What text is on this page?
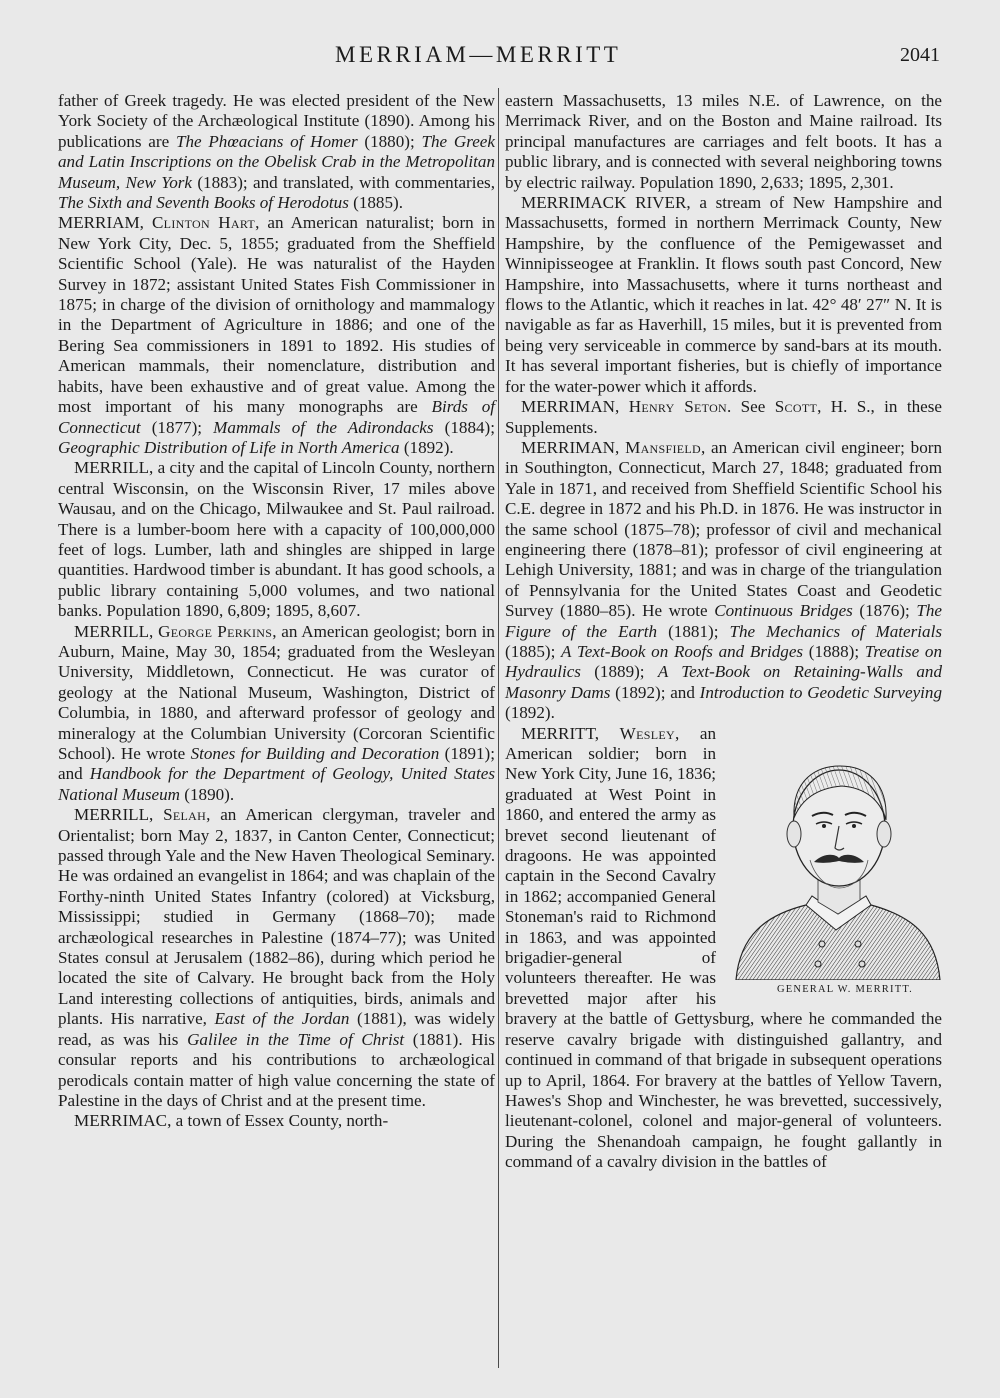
MERRIAM—MERRITT	2041

father of Greek tragedy. He was elected president of the New York Society of the Archæological Institute (1890). Among his publications are The Phœacians of Homer (1880); The Greek and Latin Inscriptions on the Obelisk Crab in the Metropolitan Museum, New York (1883); and translated, with commentaries, The Sixth and Seventh Books of Herodotus (1885).

MERRIAM, Clinton Hart, an American naturalist; born in New York City, Dec. 5, 1855; graduated from the Sheffield Scientific School (Yale). He was naturalist of the Hayden Survey in 1872; assistant United States Fish Commissioner in 1875; in charge of the division of ornithology and mammalogy in the Department of Agriculture in 1886; and one of the Bering Sea commissioners in 1891 to 1892. His studies of American mammals, their nomenclature, distribution and habits, have been exhaustive and of great value. Among the most important of his many monographs are Birds of Connecticut (1877); Mammals of the Adirondacks (1884); Geographic Distribution of Life in North America (1892).

MERRILL, a city and the capital of Lincoln County, northern central Wisconsin, on the Wisconsin River, 17 miles above Wausau, and on the Chicago, Milwaukee and St. Paul railroad. There is a lumber-boom here with a capacity of 100,000,000 feet of logs. Lumber, lath and shingles are shipped in large quantities. Hardwood timber is abundant. It has good schools, a public library containing 5,000 volumes, and two national banks. Population 1890, 6,809; 1895, 8,607.

MERRILL, George Perkins, an American geologist; born in Auburn, Maine, May 30, 1854; graduated from the Wesleyan University, Middletown, Connecticut. He was curator of geology at the National Museum, Washington, District of Columbia, in 1880, and afterward professor of geology and mineralogy at the Columbian University (Corcoran Scientific School). He wrote Stones for Building and Decoration (1891); and Handbook for the Department of Geology, United States National Museum (1890).

MERRILL, Selah, an American clergyman, traveler and Orientalist; born May 2, 1837, in Canton Center, Connecticut; passed through Yale and the New Haven Theological Seminary. He was ordained an evangelist in 1864; and was chaplain of the Forthy-ninth United States Infantry (colored) at Vicksburg, Mississippi; studied in Germany (1868–70); made archæological researches in Palestine (1874–77); was United States consul at Jerusalem (1882–86), during which period he located the site of Calvary. He brought back from the Holy Land interesting collections of antiquities, birds, animals and plants. His narrative, East of the Jordan (1881), was widely read, as was his Galilee in the Time of Christ (1881). His consular reports and his contributions to archæological perodicals contain matter of high value concerning the state of Palestine in the days of Christ and at the present time.

MERRIMAC, a town of Essex County, north-

eastern Massachusetts, 13 miles N.E. of Lawrence, on the Merrimack River, and on the Boston and Maine railroad. Its principal manufactures are carriages and felt boots. It has a public library, and is connected with several neighboring towns by electric railway. Population 1890, 2,633; 1895, 2,301.

MERRIMACK RIVER, a stream of New Hampshire and Massachusetts, formed in northern Merrimack County, New Hampshire, by the confluence of the Pemigewasset and Winnipisseogee at Franklin. It flows south past Concord, New Hampshire, into Massachusetts, where it turns northeast and flows to the Atlantic, which it reaches in lat. 42° 48′ 27″ N. It is navigable as far as Haverhill, 15 miles, but it is prevented from being very serviceable in commerce by sand-bars at its mouth. It has several important fisheries, but is chiefly of importance for the water-power which it affords.

MERRIMAN, Henry Seton. See Scott, H. S., in these Supplements.

MERRIMAN, Mansfield, an American civil engineer; born in Southington, Connecticut, March 27, 1848; graduated from Yale in 1871, and received from Sheffield Scientific School his C.E. degree in 1872 and his Ph.D. in 1876. He was instructor in the same school (1875–78); professor of civil and mechanical engineering there (1878–81); professor of civil engineering at Lehigh University, 1881; and was in charge of the triangulation of Pennsylvania for the United States Coast and Geodetic Survey (1880–85). He wrote Continuous Bridges (1876); The Figure of the Earth (1881); The Mechanics of Materials (1885); A Text-Book on Roofs and Bridges (1888); Treatise on Hydraulics (1889); A Text-Book on Retaining-Walls and Masonry Dams (1892); and Introduction to Geodetic Surveying (1892).

GENERAL W. MERRITT.
MERRITT, Wesley, an American soldier; born in New York City, June 16, 1836; graduated at West Point in 1860, and entered the army as brevet second lieutenant of dragoons. He was appointed captain in the Second Cavalry in 1862; accompanied General Stoneman's raid to Richmond in 1863, and was appointed brigadier-general of volunteers thereafter. He was brevetted major after his bravery at the battle of Gettysburg, where he commanded the reserve cavalry brigade with distinguished gallantry, and continued in command of that brigade in subsequent operations up to April, 1864. For bravery at the battles of Yellow Tavern, Hawes's Shop and Winchester, he was brevetted, successively, lieutenant-colonel, colonel and major-general of volunteers. During the Shenandoah campaign, he fought gallantly in command of a cavalry division in the battles of
